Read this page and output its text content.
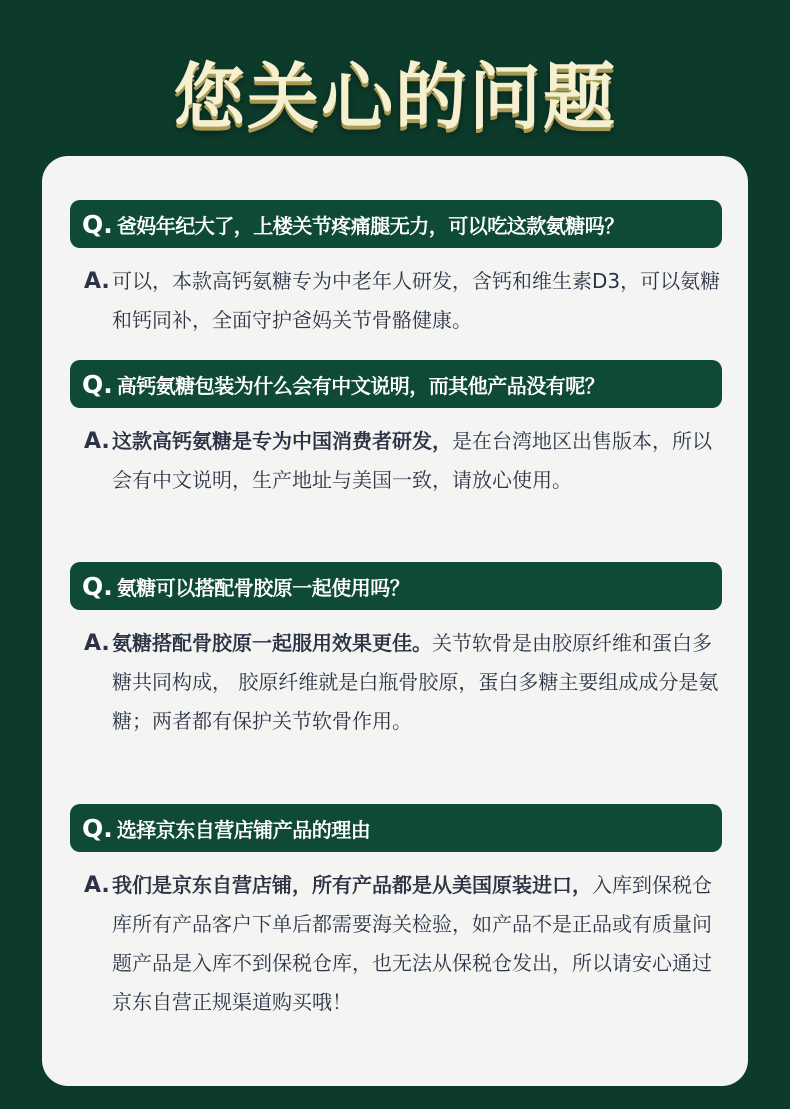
您关心的问题
Q. 爸妈年纪大了，上楼关节疼痛腿无力，可以吃这款氨糖吗？
A. 可以，本款高钙氨糖专为中老年人研发，含钙和维生素D3，可以氨糖和钙同补，全面守护爸妈关节骨骼健康。
Q. 高钙氨糖包装为什么会有中文说明，而其他产品没有呢？
A. 这款高钙氨糖是专为中国消费者研发，是在台湾地区出售版本，所以会有中文说明，生产地址与美国一致，请放心使用。
Q. 氨糖可以搭配骨胶原一起使用吗？
A. 氨糖搭配骨胶原一起服用效果更佳。关节软骨是由胶原纤维和蛋白多糖共同构成， 胶原纤维就是白瓶骨胶原，蛋白多糖主要组成成分是氨糖；两者都有保护关节软骨作用。
Q. 选择京东自营店铺产品的理由
A. 我们是京东自营店铺，所有产品都是从美国原装进口，入库到保税仓库所有产品客户下单后都需要海关检验，如产品不是正品或有质量问题产品是入库不到保税仓库，也无法从保税仓发出，所以请安心通过京东自营正规渠道购买哦！
